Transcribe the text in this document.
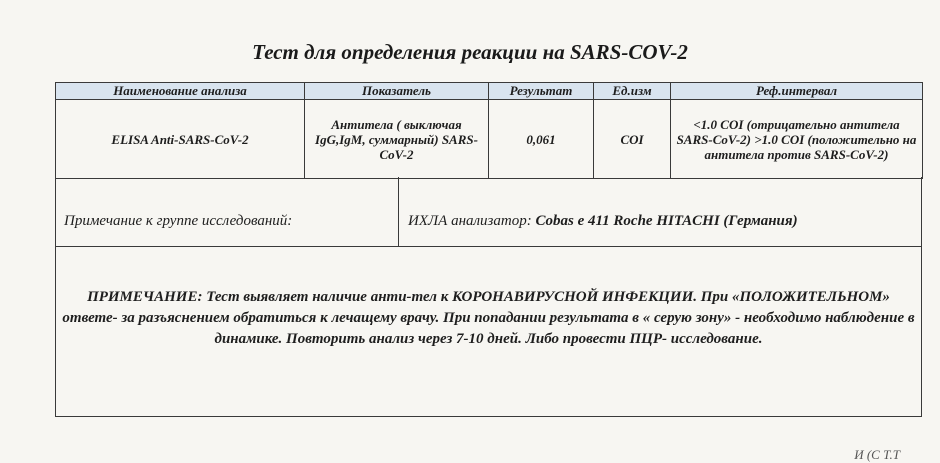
Тест для определения реакции на SARS-COV-2
Наименование анализа	Показатель	Результат	Ед.изм	Реф.интервал
ELISA Anti-SARS-CoV-2	Антитела ( выключая IgG,IgM, суммарный) SARS-CoV-2	0,061	COI	<1.0 COI (отрицательно антитела SARS-CoV-2) >1.0 COI (положительно на антитела против SARS-CoV-2)
Примечание к группе исследований:	ИХЛА анализатор: Cobas e 411 Roche HITACHI (Германия)
ПРИМЕЧАНИЕ: Тест выявляет наличие анти-тел к КОРОНАВИРУСНОЙ ИНФЕКЦИИ. При «ПОЛОЖИТЕЛЬНОМ» ответе- за разъяснением обратиться к лечащему врачу. При попадании результата в « серую зону» - необходимо наблюдение в динамике. Повторить анализ через 7-10 дней. Либо провести ПЦР- исследование.
И (С Т.Т
